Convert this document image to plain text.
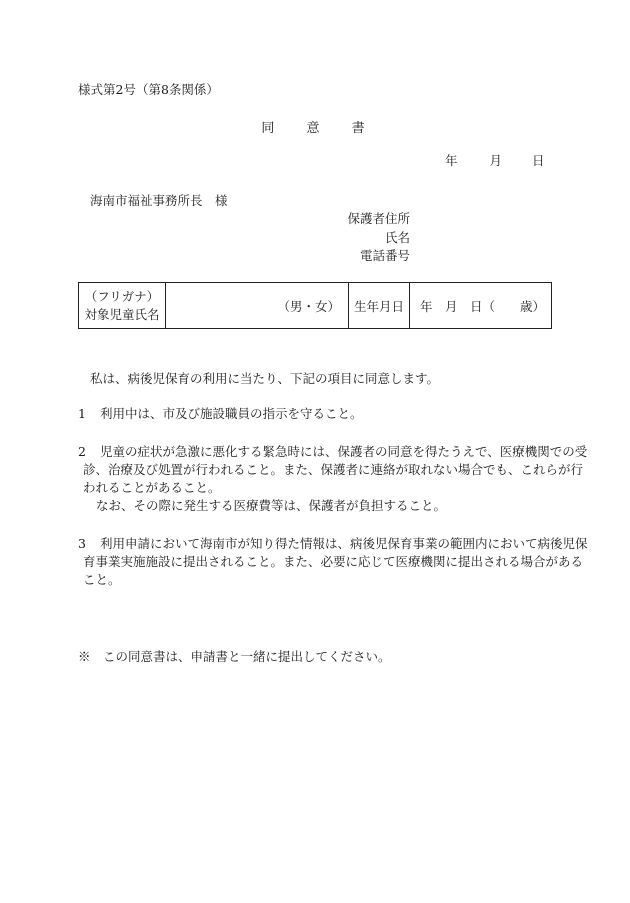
様式第2号（第8条関係）
同 意 書
年	月 日
海南市福祉事務所長　様
保護者住所
氏名
電話番号
（フリガナ）
対象児童氏名
	（男・女）	生年月日	年　月　日（　　歳）
私は、病後児保育の利用に当たり、下記の項目に同意します。
1 利用中は、市及び施設職員の指示を守ること。
2 児童の症状が急激に悪化する緊急時には、保護者の同意を得たうえで、医療機関での受
診、治療及び処置が行われること。また、保護者に連絡が取れない場合でも、これらが行
われることがあること。
なお、その際に発生する医療費等は、保護者が負担すること。
3 利用申請において海南市が知り得た情報は、病後児保育事業の範囲内において病後児保
育事業実施施設に提出されること。また、必要に応じて医療機関に提出される場合がある
こと。
※　この同意書は、申請書と一緒に提出してください。
